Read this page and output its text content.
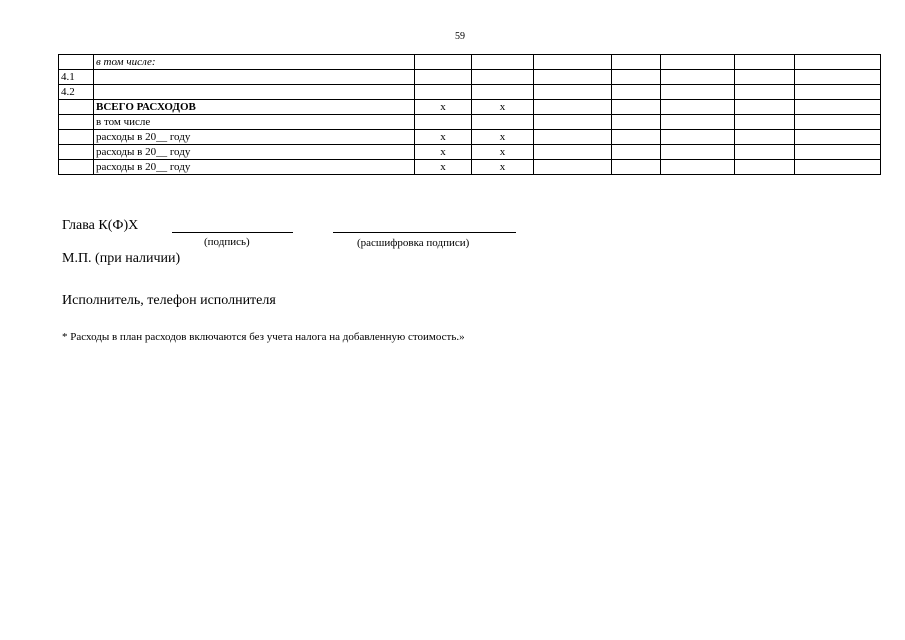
59
	в том числе:								
4.1									
4.2									
	ВСЕГО РАСХОДОВ	x	x						
	в том числе								
	расходы в 20__ году	x	x						
	расходы в 20__ году	x	x						
	расходы в 20__ году	x	x						
Глава К(Ф)Х
(подпись)	(расшифровка подписи)
М.П. (при наличии)
Исполнитель, телефон исполнителя
* Расходы в план расходов включаются без учета налога на добавленную стоимость.»
